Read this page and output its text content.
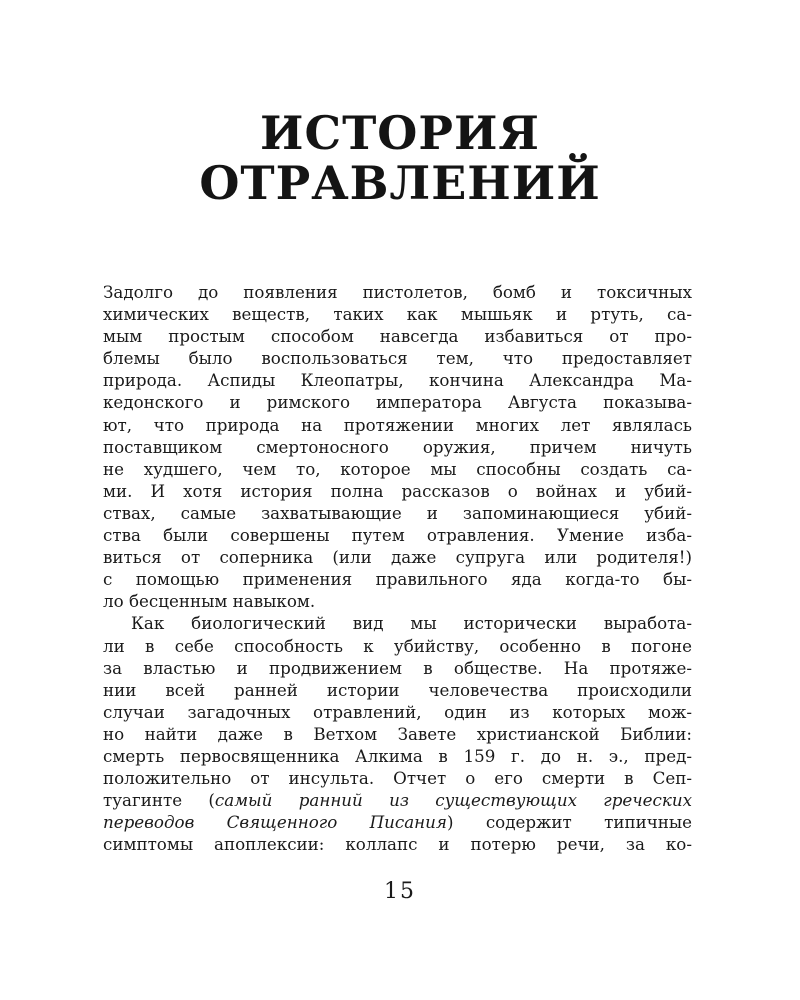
ИСТОРИЯ
ОТРАВЛЕНИЙ

Задолго до появления пистолетов, бомб и токсичных
химических веществ, таких как мышьяк и ртуть, са-
мым простым способом навсегда избавиться от про-
блемы было воспользоваться тем, что предоставляет
природа. Аспиды Клеопатры, кончина Александра Ма-
кедонского и римского императора Августа показыва-
ют, что природа на протяжении многих лет являлась
поставщиком смертоносного оружия, причем ничуть
не худшего, чем то, которое мы способны создать са-
ми. И хотя история полна рассказов о войнах и убий-
ствах, самые захватывающие и запоминающиеся убий-
ства были совершены путем отравления. Умение изба-
виться от соперника (или даже супруга или родителя!)
с помощью применения правильного яда когда-то бы-
ло бесценным навыком.

Как биологический вид мы исторически выработа-
ли в себе способность к убийству, особенно в погоне
за властью и продвижением в обществе. На протяже-
нии всей ранней истории человечества происходили
случаи загадочных отравлений, один из которых мож-
но найти даже в Ветхом Завете христианской Библии:
смерть первосвященника Алкима в 159 г. до н. э., пред-
положительно от инсульта. Отчет о его смерти в Сеп-
туагинте (самый ранний из существующих греческих
переводов Священного Писания) содержит типичные
симптомы апоплексии: коллапс и потерю речи, за ко-

15
